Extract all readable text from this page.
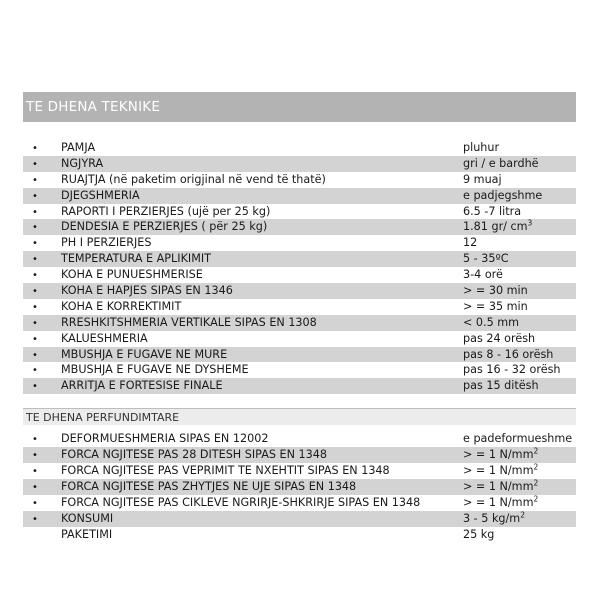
TE DHENA TEKNIKE
• PAMJA	pluhur
• NGJYRA	gri / e bardhë
• RUAJTJA (në paketim origjinal në vend të thatë)	9 muaj
• DJEGSHMERIA	e padjegshme
• RAPORTI I PERZIERJES (ujë per 25 kg)	6.5 -7 litra
• DENDESIA E PERZIERJES ( për 25 kg)	1.81 gr/ $cm^3$
• PH I PERZIERJES	12
• TEMPERATURA E APLIKIMIT	5 - 35ºC
• KOHA E PUNUESHMERISE	3-4 orë
• KOHA E HAPJES SIPAS EN 1346	> = 30 min
• KOHA E KORREKTIMIT	> = 35 min
• RRESHKITSHMERIA VERTIKALE SIPAS EN 1308	< 0.5 mm
• KALUESHMERIA	pas 24 orësh
• MBUSHJA E FUGAVE NE MURE	pas 8 - 16 orësh
• MBUSHJA E FUGAVE NE DYSHEME	pas 16 - 32 orësh
• ARRITJA E FORTESISE FINALE	pas 15 ditësh
TE DHENA PERFUNDIMTARE
• DEFORMUESHMERIA SIPAS EN 12002	e padeformueshme
• FORCA NGJITESE PAS 28 DITESH SIPAS EN 1348	> = 1 $N/mm^2$
• FORCA NGJITESE PAS VEPRIMIT TE NXEHTIT SIPAS EN 1348	> = 1 $N/mm^2$
• FORCA NGJITESE PAS ZHYTJES NE UJE SIPAS EN 1348	> = 1 $N/mm^2$
• FORCA NGJITESE PAS CIKLEVE NGRIRJE-SHKRIRJE SIPAS EN 1348	> = 1 $N/mm^2$
• KONSUMI	3 - 5 $kg/m^2$
PAKETIMI	25 kg
